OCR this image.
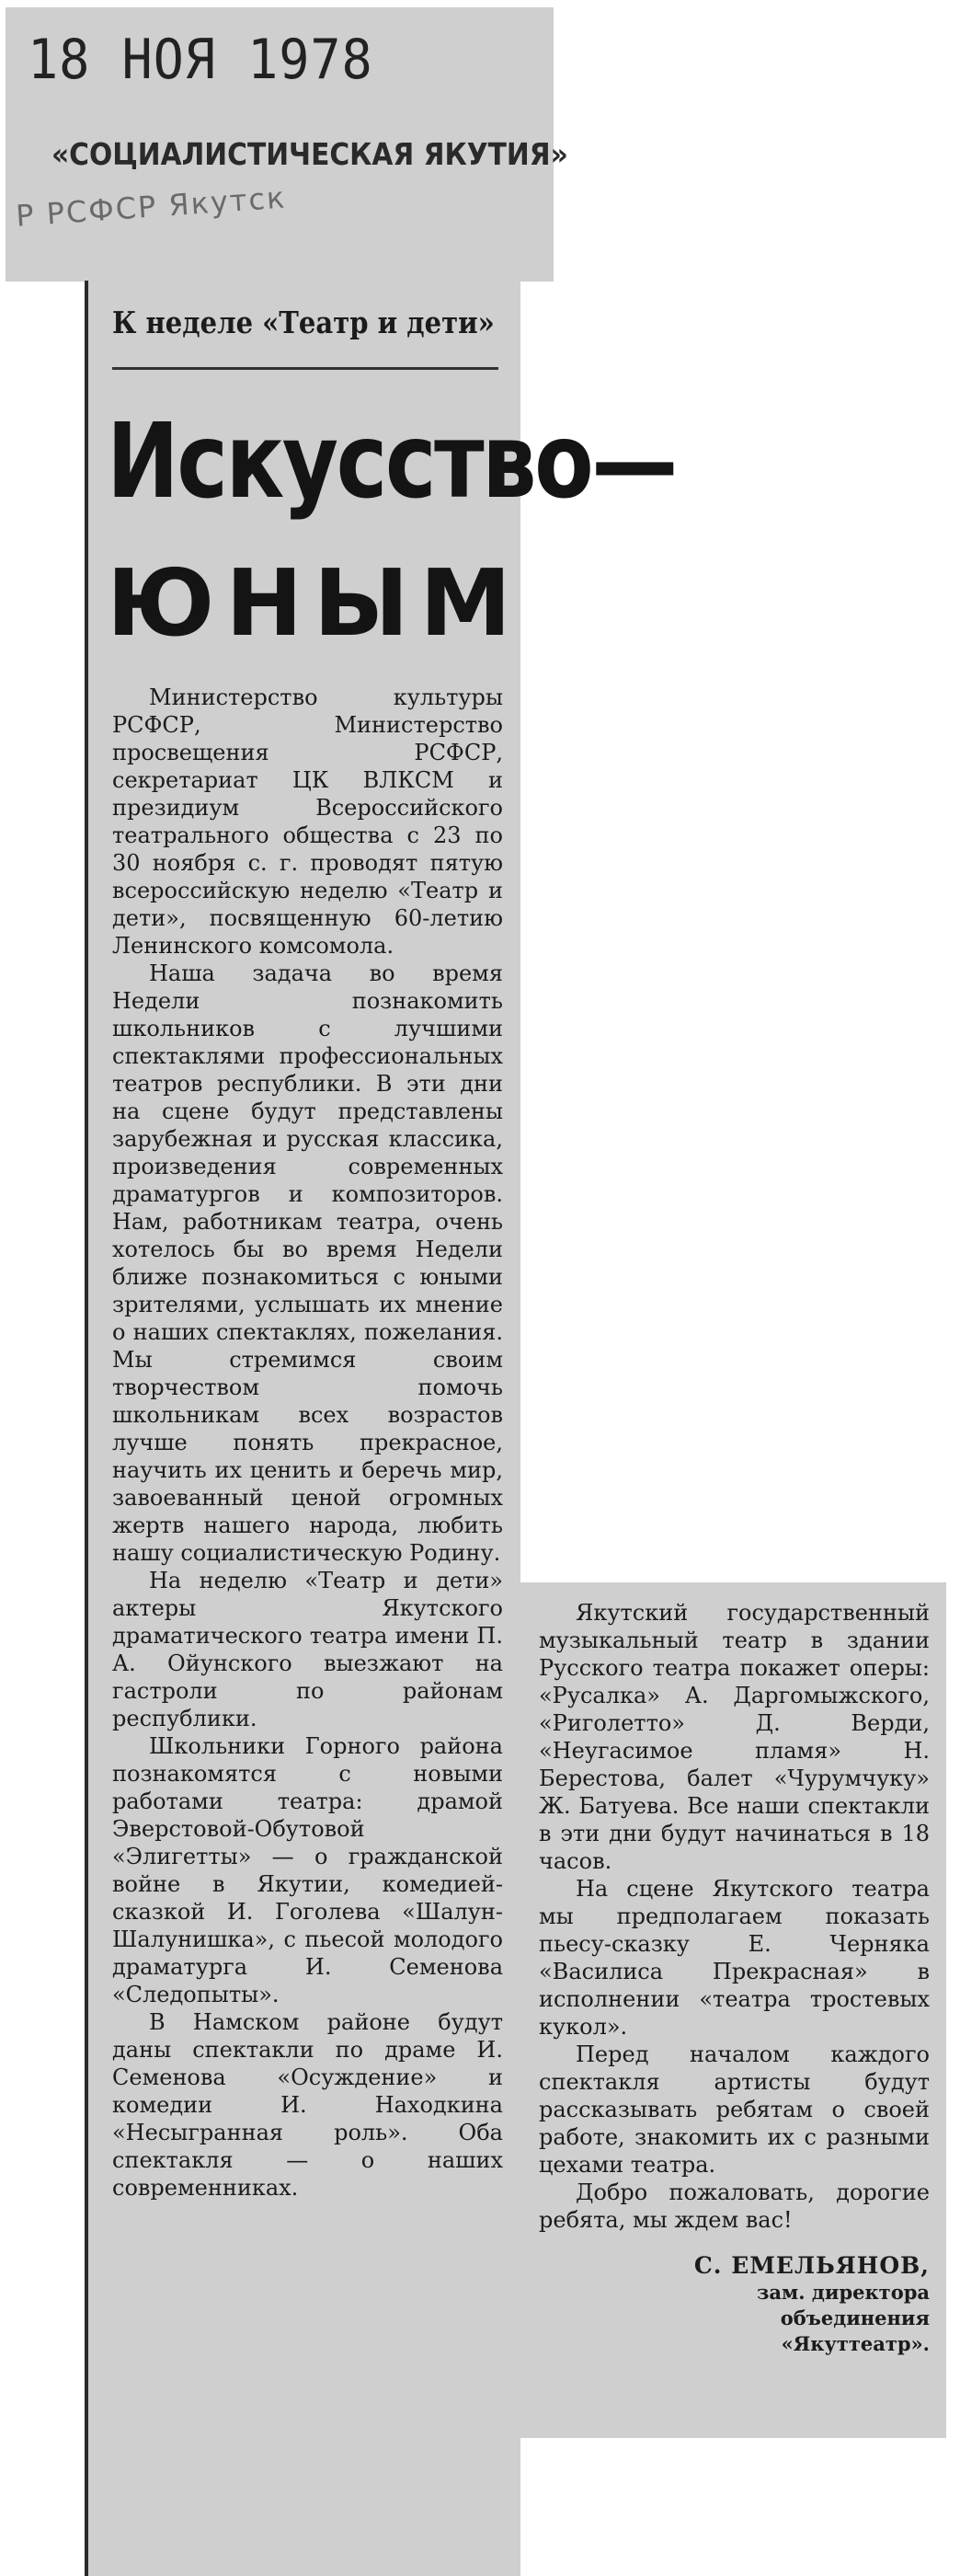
18 НОЯ 1978
«СОЦИАЛИСТИЧЕСКАЯ ЯКУТИЯ»
Р РСФСР Якутск
К неделе «Театр и дети»
Искусство—
Ю Н Ы М

Министерство культуры РСФСР, Министерство просвещения РСФСР, секретариат ЦК ВЛКСМ и президиум Всероссийского театрального общества с 23 по 30 ноября с. г. проводят пятую всероссийскую неделю «Театр и дети», посвященную 60-летию Ленинского комсомола.

Наша задача во время Недели познакомить школьников с лучшими спектаклями профессиональных театров республики. В эти дни на сцене будут представлены зарубежная и русская классика, произведения современных драматургов и композиторов. Нам, работникам театра, очень хотелось бы во время Недели ближе познакомиться с юными зрителями, услышать их мнение о наших спектаклях, пожелания. Мы стремимся своим творчеством помочь школьникам всех возрастов лучше понять прекрасное, научить их ценить и беречь мир, завоеванный ценой огромных жертв нашего народа, любить нашу социалистическую Родину.

На неделю «Театр и дети» актеры Якутского драматического театра имени П. А. Ойунского выезжают на гастроли по районам республики.

Школьники Горного района познакомятся с новыми работами театра: драмой Эверстовой-Обутовой «Элигетты» — о гражданской войне в Якутии, комедией-сказкой И. Гоголева «Шалун-Шалунишка», с пьесой молодого драматурга И. Семенова «Следопыты».

В Намском районе будут даны спектакли по драме И. Семенова «Осуждение» и комедии И. Находкина «Несыгранная роль». Оба спектакля — о наших современниках.

Якутский государственный музыкальный театр в здании Русского театра покажет оперы: «Русалка» А. Даргомыжского, «Риголетто» Д. Верди, «Неугасимое пламя» Н. Берестова, балет «Чурумчуку» Ж. Батуева. Все наши спектакли в эти дни будут начинаться в 18 часов.

На сцене Якутского театра мы предполагаем показать пьесу-сказку Е. Черняка «Василиса Прекрасная» в исполнении «театра тростевых кукол».

Перед началом каждого спектакля артисты будут рассказывать ребятам о своей работе, знакомить их с разными цехами театра.

Добро пожаловать, дорогие ребята, мы ждем вас!

С. ЕМЕЛЬЯНОВ,
зам. директора
объединения
«Якуттеатр».
